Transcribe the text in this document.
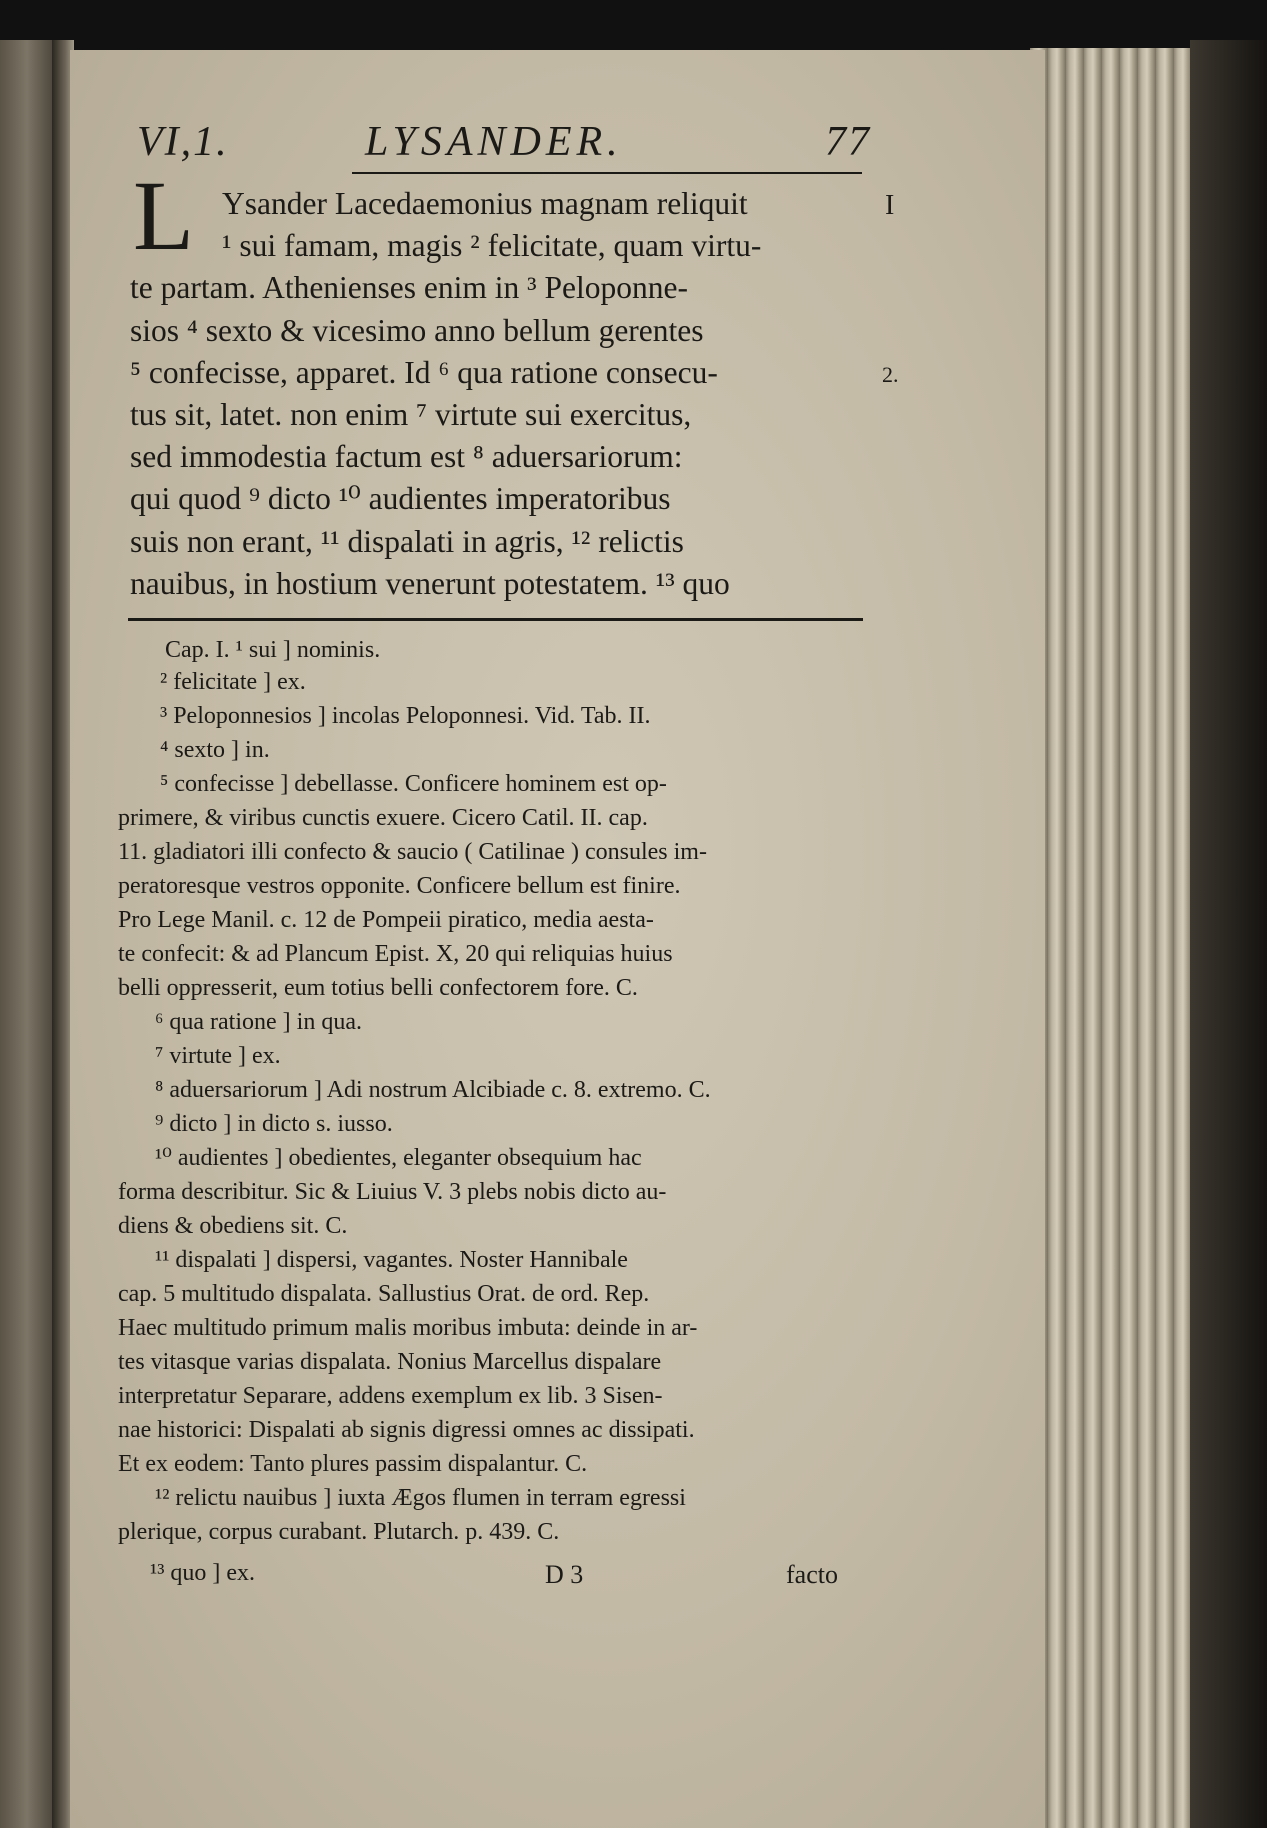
VI,1.	LYSANDER.	77
L Ysander Lacedaemonius magnam reliquit
¹ sui famam, magis ² felicitate, quam virtu-
te partam. Athenienses enim in ³ Peloponne-
sios ⁴ sexto & vicesimo anno bellum gerentes
⁵ confecisse, apparet. Id ⁶ qua ratione consecu-
tus sit, latet. non enim ⁷ virtute sui exercitus,
sed immodestia factum est ⁸ aduersariorum:
qui quod ⁹ dicto ¹⁰ audientes imperatoribus
suis non erant, ¹¹ dispalati in agris, ¹² relictis
nauibus, in hostium venerunt potestatem. ¹³ quo
I
2.
Cap. I. ¹ sui ] nominis.
² felicitate ] ex.
³ Peloponnesios ] incolas Peloponnesi. Vid. Tab. II.
⁴ sexto ] in.
⁵ confecisse ] debellasse. Conficere hominem est op-
primere, & viribus cunctis exuere. Cicero Catil. II. cap.
11. gladiatori illi confecto & saucio ( Catilinae ) consules im-
peratoresque vestros opponite. Conficere bellum est finire.
Pro Lege Manil. c. 12 de Pompeii piratico, media aesta-
te confecit: & ad Plancum Epist. X, 20 qui reliquias huius
belli oppresserit, eum totius belli confectorem fore. C.
⁶ qua ratione ] in qua.
⁷ virtute ] ex.
⁸ aduersariorum ] Adi nostrum Alcibiade c. 8. extremo. C.
⁹ dicto ] in dicto s. iusso.
¹⁰ audientes ] obedientes, eleganter obsequium hac
forma describitur. Sic & Liuius V. 3 plebs nobis dicto au-
diens & obediens sit. C.
¹¹ dispalati ] dispersi, vagantes. Noster Hannibale
cap. 5 multitudo dispalata. Sallustius Orat. de ord. Rep.
Haec multitudo primum malis moribus imbuta: deinde in ar-
tes vitasque varias dispalata. Nonius Marcellus dispalare
interpretatur Separare, addens exemplum ex lib. 3 Sisen-
nae historici: Dispalati ab signis digressi omnes ac dissipati.
Et ex eodem: Tanto plures passim dispalantur. C.
¹² relictu nauibus ] iuxta Ægos flumen in terram egressi
plerique, corpus curabant. Plutarch. p. 439. C.
¹³ quo ] ex.	D 3	facto
